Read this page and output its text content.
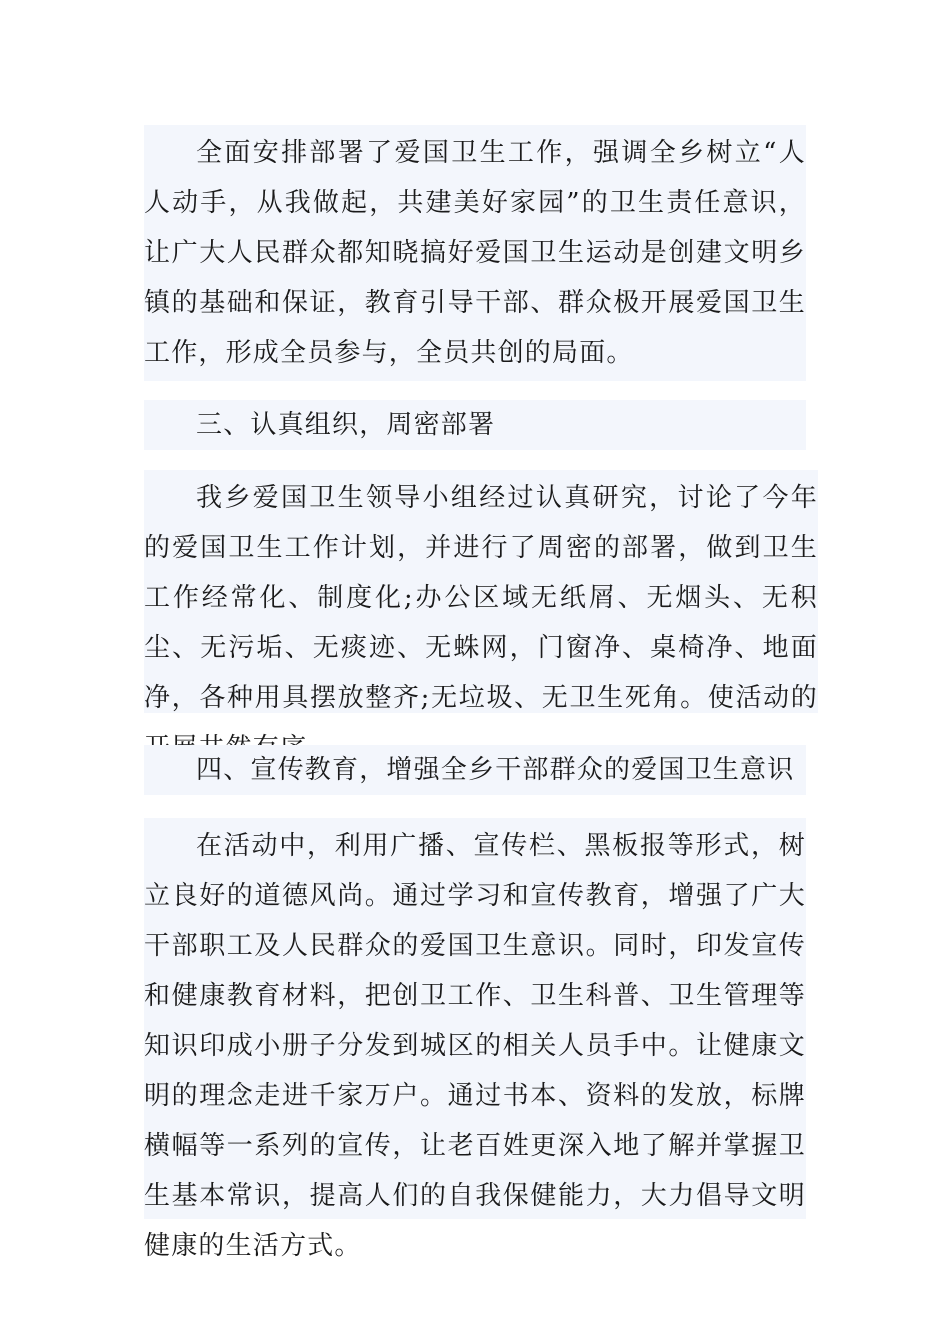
全面安排部署了爱国卫生工作，强调全乡树立“人人动手，从我做起，共建美好家园”的卫生责任意识，让广大人民群众都知晓搞好爱国卫生运动是创建文明乡镇的基础和保证，教育引导干部、群众极开展爱国卫生工作，形成全员参与，全员共创的局面。

三、认真组织，周密部署

我乡爱国卫生领导小组经过认真研究，讨论了今年的爱国卫生工作计划，并进行了周密的部署，做到卫生工作经常化、制度化;办公区域无纸屑、无烟头、无积尘、无污垢、无痰迹、无蛛网，门窗净、桌椅净、地面净，各种用具摆放整齐;无垃圾、无卫生死角。使活动的

四、宣传教育，增强全乡干部群众的爱国卫生意识

在活动中，利用广播、宣传栏、黑板报等形式，树立良好的道德风尚。通过学习和宣传教育，增强了广大干部职工及人民群众的爱国卫生意识。同时，印发宣传和健康教育材料，把创卫工作、卫生科普、卫生管理等知识印成小册子分发到城区的相关人员手中。让健康文明的理念走进千家万户。通过书本、资料的发放，标牌横幅等一系列的宣传，让老百姓更深入地了解并掌握卫生基本常识，提高人们的自我保健能力，大力倡导文明健康的生活方式。
